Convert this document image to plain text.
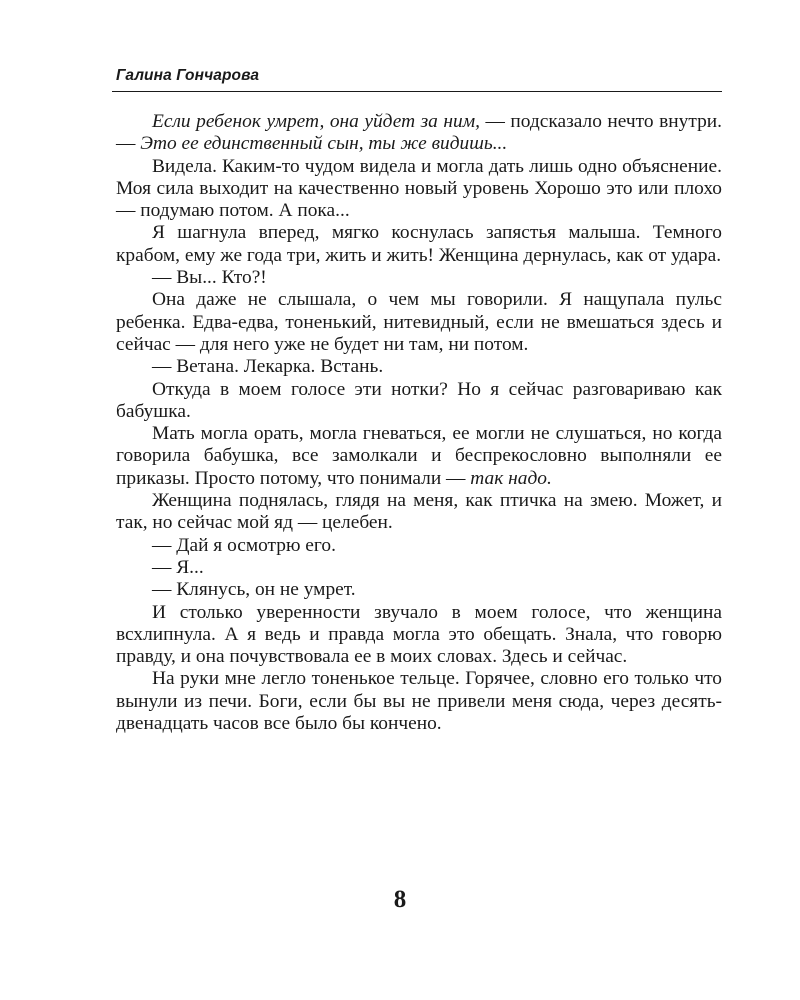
Галина Гончарова

Если ребенок умрет, она уйдет за ним, — подсказало нечто внутри. — Это ее единственный сын, ты же видишь...

Видела. Каким-то чудом видела и могла дать лишь одно объяснение. Моя сила выходит на качественно новый уровень Хорошо это или плохо — подумаю потом. А пока...

Я шагнула вперед, мягко коснулась запястья малыша. Темного крабом, ему же года три, жить и жить! Женщина дернулась, как от удара.

— Вы... Кто?!

Она даже не слышала, о чем мы говорили. Я нащупала пульс ребенка. Едва-едва, тоненький, нитевидный, если не вмешаться здесь и сейчас — для него уже не будет ни там, ни потом.

— Ветана. Лекарка. Встань.

Откуда в моем голосе эти нотки? Но я сейчас разговариваю как бабушка.

Мать могла орать, могла гневаться, ее могли не слушаться, но когда говорила бабушка, все замолкали и беспрекословно выполняли ее приказы. Просто потому, что понимали — так надо.

Женщина поднялась, глядя на меня, как птичка на змею. Может, и так, но сейчас мой яд — целебен.

— Дай я осмотрю его.

— Я...

— Клянусь, он не умрет.

И столько уверенности звучало в моем голосе, что женщина всхлипнула. А я ведь и правда могла это обещать. Знала, что говорю правду, и она почувствовала ее в моих словах. Здесь и сейчас.

На руки мне легло тоненькое тельце. Горячее, словно его только что вынули из печи. Боги, если бы вы не привели меня сюда, через десять-двенадцать часов все было бы кончено.

8
